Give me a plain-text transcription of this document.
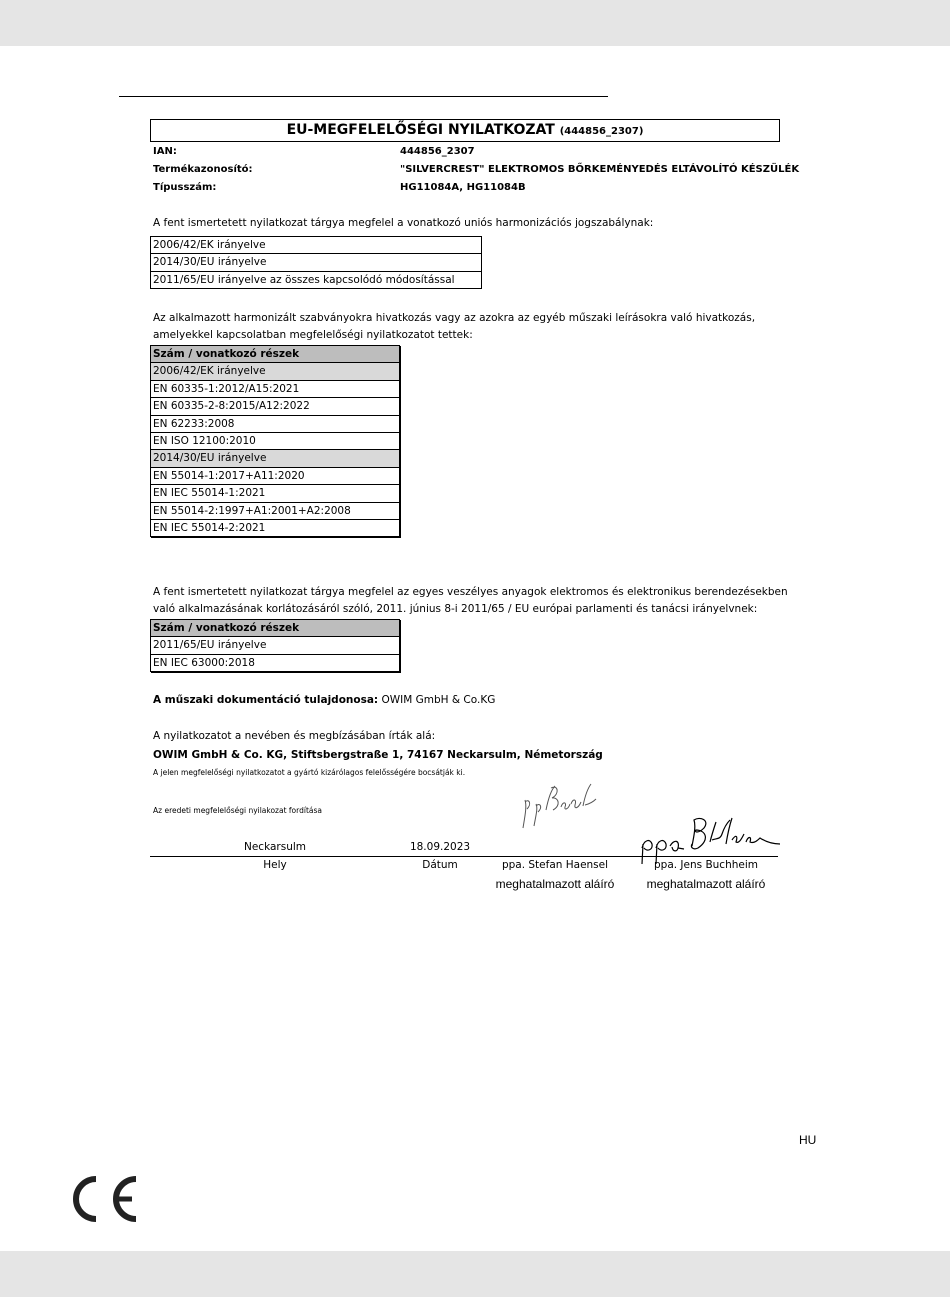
EU-MEGFELELŐSÉGI NYILATKOZAT (444856_2307)
IAN:	444856_2307
Termékazonosító:	"SILVERCREST" ELEKTROMOS BŐRKEMÉNYEDÉS ELTÁVOLÍTÓ KÉSZÜLÉK
Típusszám:	HG11084A, HG11084B
A fent ismertetett nyilatkozat tárgya megfelel a vonatkozó uniós harmonizációs jogszabálynak:
2006/42/EK irányelve
2014/30/EU irányelve
2011/65/EU irányelve az összes kapcsolódó módosítással
Az alkalmazott harmonizált szabványokra hivatkozás vagy az azokra az egyéb műszaki leírásokra való hivatkozás,
amelyekkel kapcsolatban megfelelőségi nyilatkozatot tettek:
Szám / vonatkozó részek
2006/42/EK irányelve
EN 60335-1:2012/A15:2021
EN 60335-2-8:2015/A12:2022
EN 62233:2008
EN ISO 12100:2010
2014/30/EU irányelve
EN 55014-1:2017+A11:2020
EN IEC 55014-1:2021
EN 55014-2:1997+A1:2001+A2:2008
EN IEC 55014-2:2021
A fent ismertetett nyilatkozat tárgya megfelel az egyes veszélyes anyagok elektromos és elektronikus berendezésekben
való alkalmazásának korlátozásáról szóló, 2011. június 8-i 2011/65 / EU európai parlamenti és tanácsi irányelvnek:
Szám / vonatkozó részek
2011/65/EU irányelve
EN IEC 63000:2018
A műszaki dokumentáció tulajdonosa: OWIM GmbH & Co.KG
A nyilatkozatot a nevében és megbízásában írták alá:
OWIM GmbH & Co. KG, Stiftsbergstraße 1, 74167 Neckarsulm, Németország
A jelen megfelelőségi nyilatkozatot a gyártó kizárólagos felelősségére bocsátják ki.
Az eredeti megfelelőségi nyilakozat fordítása
Neckarsulm	18.09.2023
Hely	Dátum	ppa. Stefan Haensel	ppa. Jens Buchheim
meghatalmazott aláíró	meghatalmazott aláíró
HU
